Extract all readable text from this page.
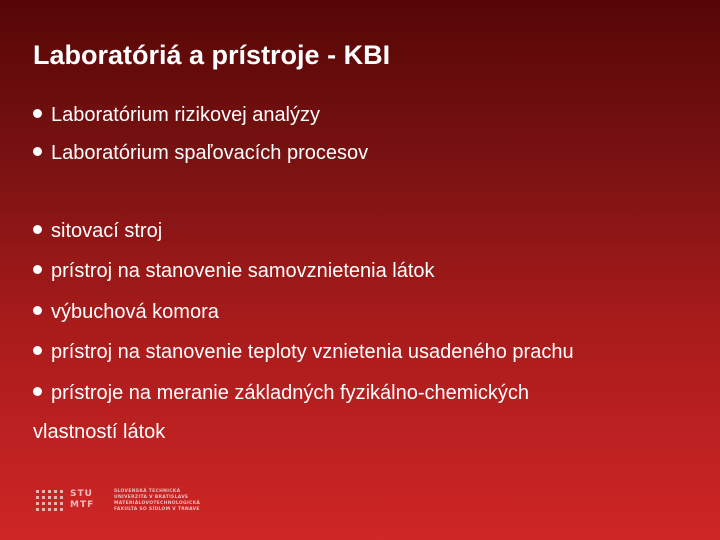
Laboratóriá a prístroje - KBI
Laboratórium rizikovej analýzy
Laboratórium spaľovacích procesov
sitovací stroj
prístroj na stanovenie samovznietenia látok
výbuchová komora
prístroj na stanovenie teploty vznietenia usadeného prachu
prístroje na meranie základných fyzikálno-chemických
vlastností látok
STU
MTF
SLOVENSKÁ TECHNICKÁ
UNIVERZITA V BRATISLAVE
MATERIÁLOVOTECHNOLOGICKÁ
FAKULTA SO SÍDLOM V TRNAVE
